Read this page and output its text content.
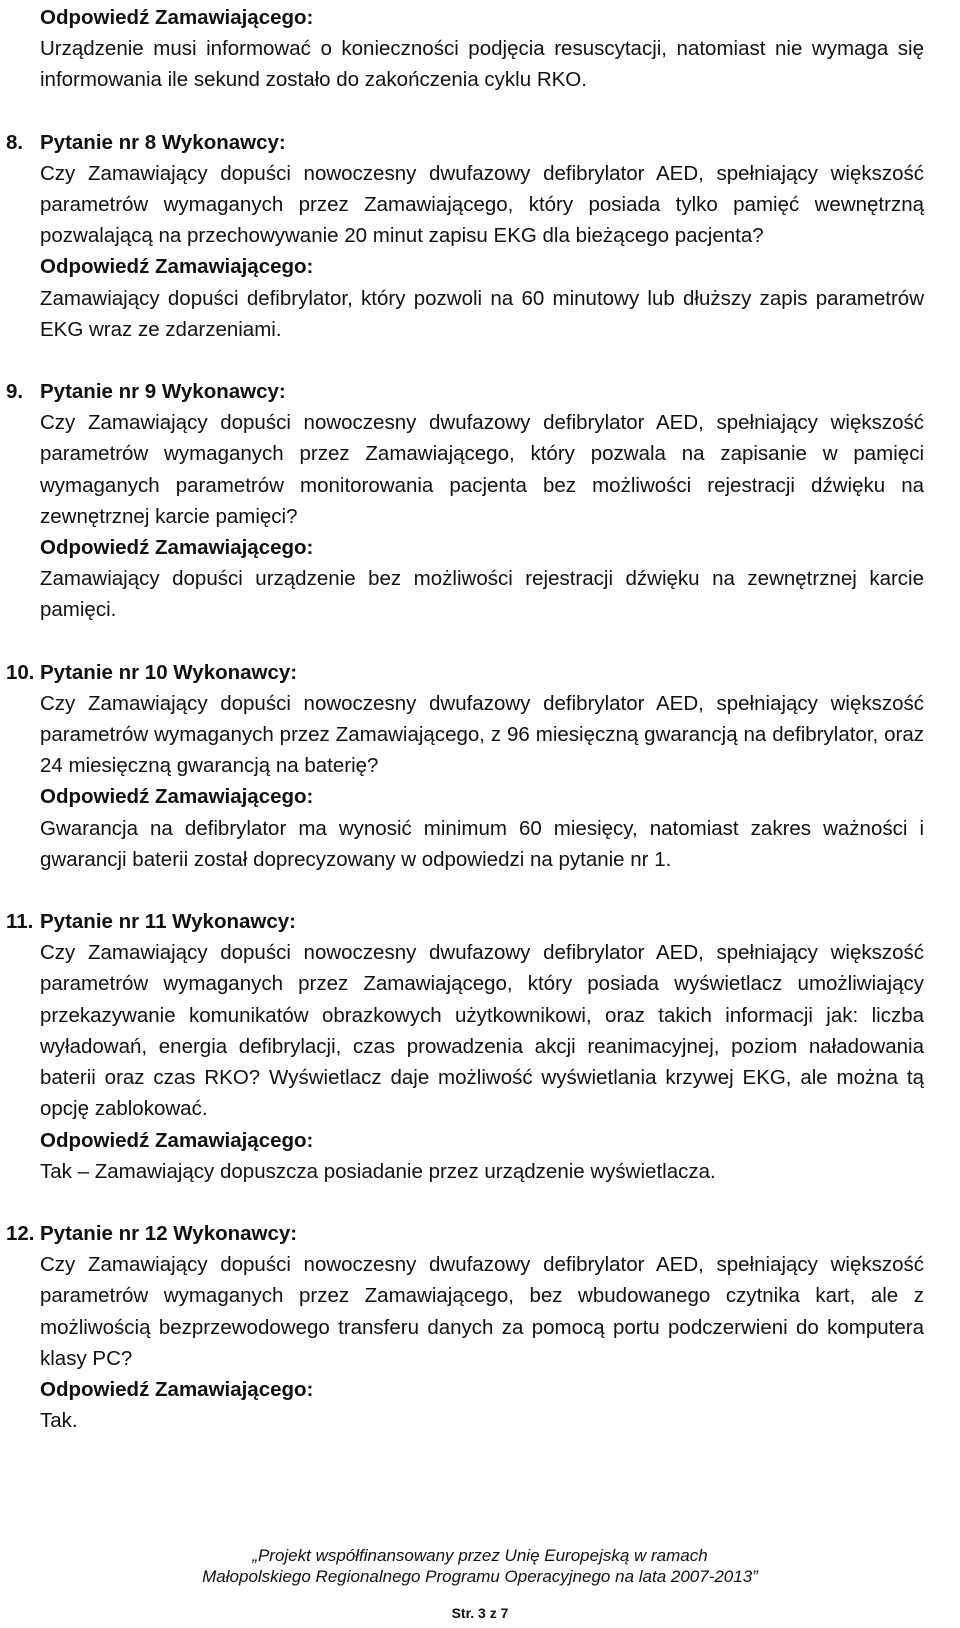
Odpowiedź Zamawiającego:
Urządzenie musi informować o konieczności podjęcia resuscytacji, natomiast nie wymaga się informowania ile sekund zostało do zakończenia cyklu RKO.
8. Pytanie nr 8 Wykonawcy:
Czy Zamawiający dopuści nowoczesny dwufazowy defibrylator AED, spełniający większość parametrów wymaganych przez Zamawiającego, który posiada tylko pamięć wewnętrzną pozwalającą na przechowywanie 20 minut zapisu EKG dla bieżącego pacjenta?
Odpowiedź Zamawiającego:
Zamawiający dopuści defibrylator, który pozwoli na 60 minutowy lub dłuższy zapis parametrów EKG wraz ze zdarzeniami.
9. Pytanie nr 9 Wykonawcy:
Czy Zamawiający dopuści nowoczesny dwufazowy defibrylator AED, spełniający większość parametrów wymaganych przez Zamawiającego, który pozwala na zapisanie w pamięci wymaganych parametrów monitorowania pacjenta bez możliwości rejestracji dźwięku na zewnętrznej karcie pamięci?
Odpowiedź Zamawiającego:
Zamawiający dopuści urządzenie bez możliwości rejestracji dźwięku na zewnętrznej karcie pamięci.
10. Pytanie nr 10 Wykonawcy:
Czy Zamawiający dopuści nowoczesny dwufazowy defibrylator AED, spełniający większość parametrów wymaganych przez Zamawiającego, z 96 miesięczną gwarancją na defibrylator, oraz 24 miesięczną gwarancją na baterię?
Odpowiedź Zamawiającego:
Gwarancja na defibrylator ma wynosić minimum 60 miesięcy, natomiast zakres ważności i gwarancji baterii został doprecyzowany w odpowiedzi na pytanie nr 1.
11. Pytanie nr 11 Wykonawcy:
Czy Zamawiający dopuści nowoczesny dwufazowy defibrylator AED, spełniający większość parametrów wymaganych przez Zamawiającego, który posiada wyświetlacz umożliwiający przekazywanie komunikatów obrazkowych użytkownikowi, oraz takich informacji jak: liczba wyładowań, energia defibrylacji, czas prowadzenia akcji reanimacyjnej, poziom naładowania baterii oraz czas RKO? Wyświetlacz daje możliwość wyświetlania krzywej EKG, ale można tą opcję zablokować.
Odpowiedź Zamawiającego:
Tak – Zamawiający dopuszcza posiadanie przez urządzenie wyświetlacza.
12. Pytanie nr 12 Wykonawcy:
Czy Zamawiający dopuści nowoczesny dwufazowy defibrylator AED, spełniający większość parametrów wymaganych przez Zamawiającego, bez wbudowanego czytnika kart, ale z możliwością bezprzewodowego transferu danych za pomocą portu podczerwieni do komputera klasy PC?
Odpowiedź Zamawiającego:
Tak.
„Projekt współfinansowany przez Unię Europejską w ramach
Małopolskiego Regionalnego Programu Operacyjnego na lata 2007-2013”
Str. 3 z 7
